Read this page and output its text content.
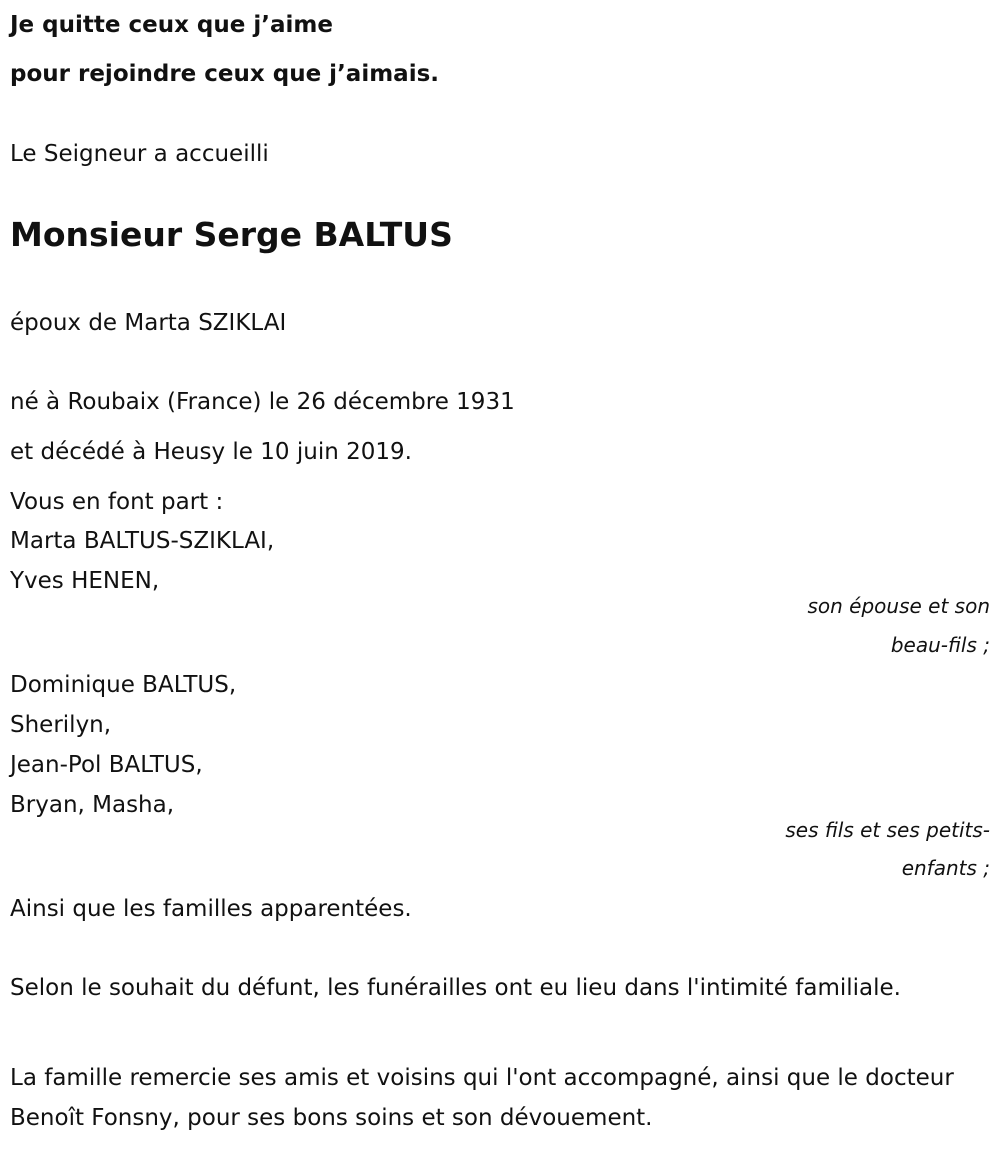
Je quitte ceux que j’aime

pour rejoindre ceux que j’aimais.

Le Seigneur a accueilli

Monsieur Serge BALTUS

époux de Marta SZIKLAI

né à Roubaix (France) le 26 décembre 1931

et décédé à Heusy le 10 juin 2019.

Vous en font part :

Marta BALTUS-SZIKLAI,

Yves HENEN,

son épouse et son

beau-fils ;

Dominique BALTUS,

Sherilyn,

Jean-Pol BALTUS,

Bryan, Masha,

ses fils et ses petits-

enfants ;

Ainsi que les familles apparentées.

Selon le souhait du défunt, les funérailles ont eu lieu dans l'intimité familiale.

La famille remercie ses amis et voisins qui l'ont accompagné, ainsi que le docteur Benoît Fonsny, pour ses bons soins et son dévouement.
